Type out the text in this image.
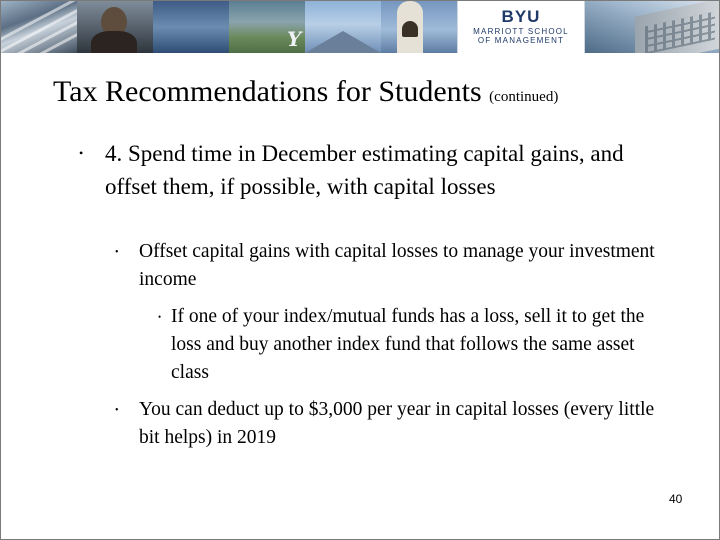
Y
BYU
MARRIOTT SCHOOL
OF MANAGEMENT
Tax Recommendations for Students (continued)
• 4. Spend time in December estimating capital gains, and offset them, if possible, with capital losses
• Offset capital gains with capital losses to manage your investment income
• If one of your index/mutual funds has a loss, sell it to get the loss and buy another index fund that follows the same asset class
• You can deduct up to $3,000 per year in capital losses (every little bit helps) in 2019
40
